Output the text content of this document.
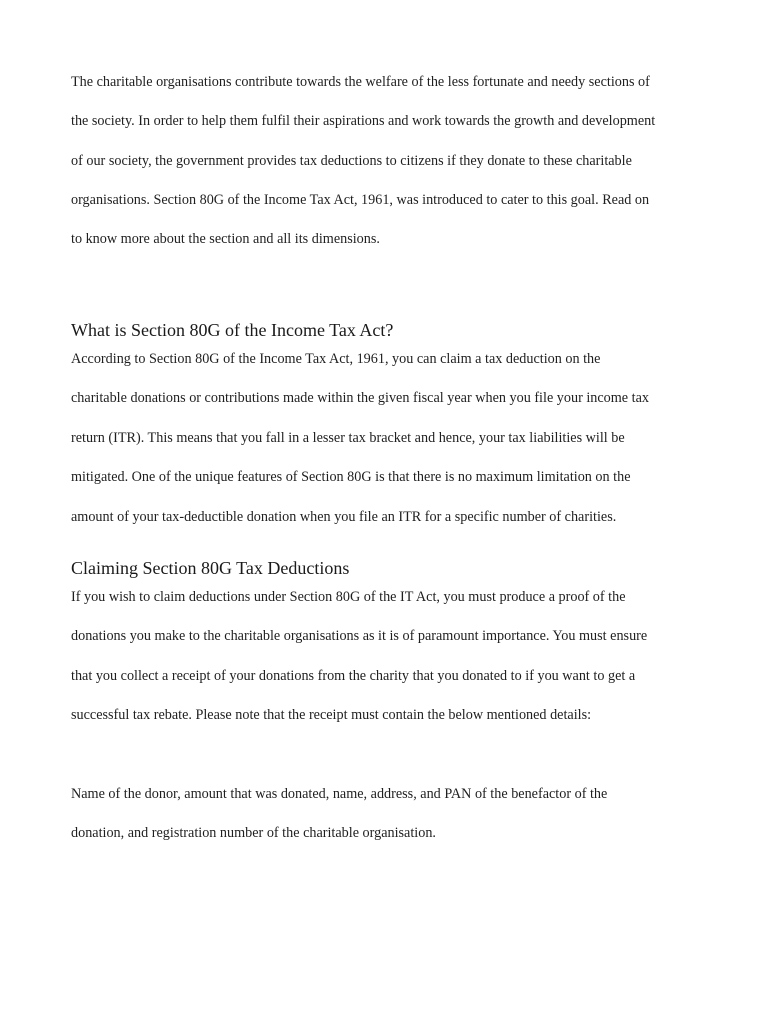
The charitable organisations contribute towards the welfare of the less fortunate and needy sections of

the society. In order to help them fulfil their aspirations and work towards the growth and development

of our society, the government provides tax deductions to citizens if they donate to these charitable

organisations. Section 80G of the Income Tax Act, 1961, was introduced to cater to this goal. Read on

to know more about the section and all its dimensions.

What is Section 80G of the Income Tax Act?

According to Section 80G of the Income Tax Act, 1961, you can claim a tax deduction on the

charitable donations or contributions made within the given fiscal year when you file your income tax

return (ITR). This means that you fall in a lesser tax bracket and hence, your tax liabilities will be

mitigated. One of the unique features of Section 80G is that there is no maximum limitation on the

amount of your tax-deductible donation when you file an ITR for a specific number of charities.

Claiming Section 80G Tax Deductions

If you wish to claim deductions under Section 80G of the IT Act, you must produce a proof of the

donations you make to the charitable organisations as it is of paramount importance. You must ensure

that you collect a receipt of your donations from the charity that you donated to if you want to get a

successful tax rebate. Please note that the receipt must contain the below mentioned details:

Name of the donor, amount that was donated, name, address, and PAN of the benefactor of the

donation, and registration number of the charitable organisation.
